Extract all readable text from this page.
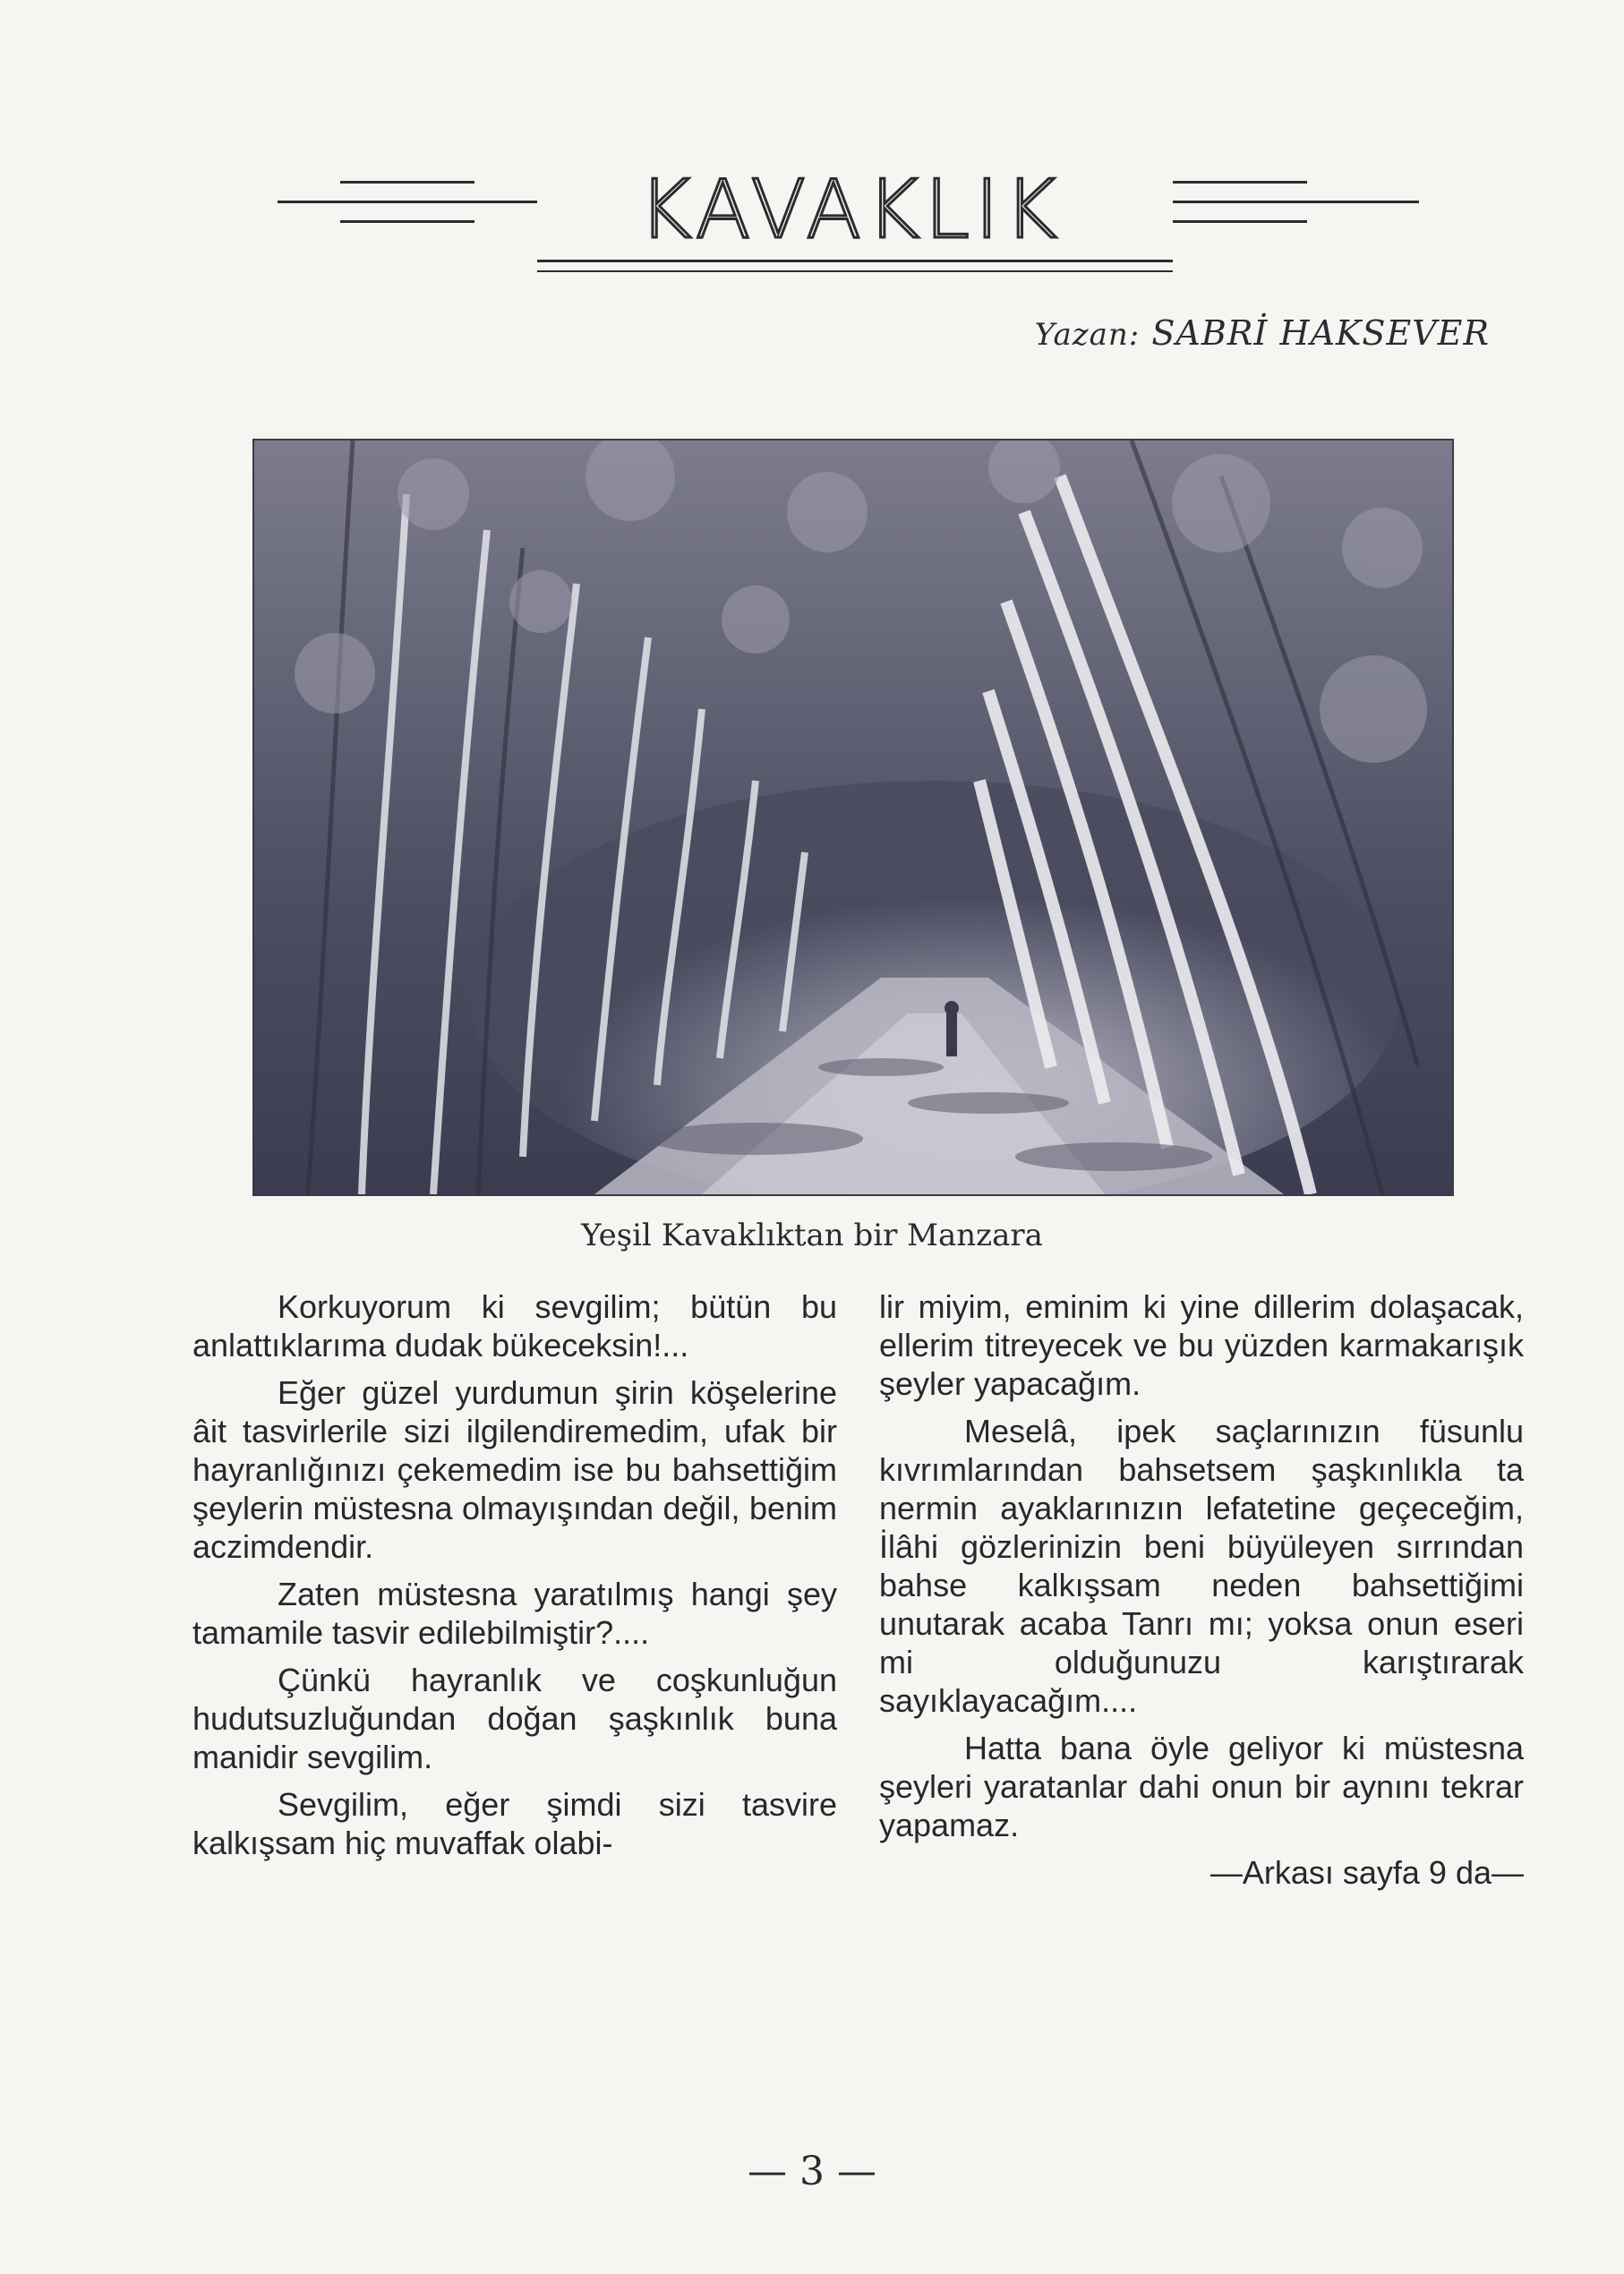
KAVAKLIK
Yazan: SABRİ HAKSEVER
Yeşil Kavaklıktan bir Manzara

Korkuyorum ki sevgilim; bütün bu anlattıklarıma dudak bükeceksin!...

Eğer güzel yurdumun şirin köşelerine âit tasvirlerile sizi ilgilendiremedim, ufak bir hayranlığınızı çekemedim ise bu bahsettiğim şeylerin müstesna olmayışından değil, benim aczimdendir.

Zaten müstesna yaratılmış hangi şey tamamile tasvir edilebilmiştir?....

Çünkü hayranlık ve coşkunluğun hudutsuzluğundan doğan şaşkınlık buna manidir sevgilim.

Sevgilim, eğer şimdi sizi tasvire kalkışsam hiç muvaffak olabi-

lir miyim, eminim ki yine dillerim dolaşacak, ellerim titreyecek ve bu yüzden karmakarışık şeyler yapacağım.

Meselâ, ipek saçlarınızın füsunlu kıvrımlarından bahsetsem şaşkınlıkla ta nermin ayaklarınızın lefatetine geçeceğim, İlâhi gözlerinizin beni büyüleyen sırrından bahse kalkışsam neden bahsettiğimi unutarak acaba Tanrı mı; yoksa onun eseri mi olduğunuzu karıştırarak sayıklayacağım....

Hatta bana öyle geliyor ki müstesna şeyleri yaratanlar dahi onun bir aynını tekrar yapamaz.

—Arkası sayfa 9 da—

— 3 —
